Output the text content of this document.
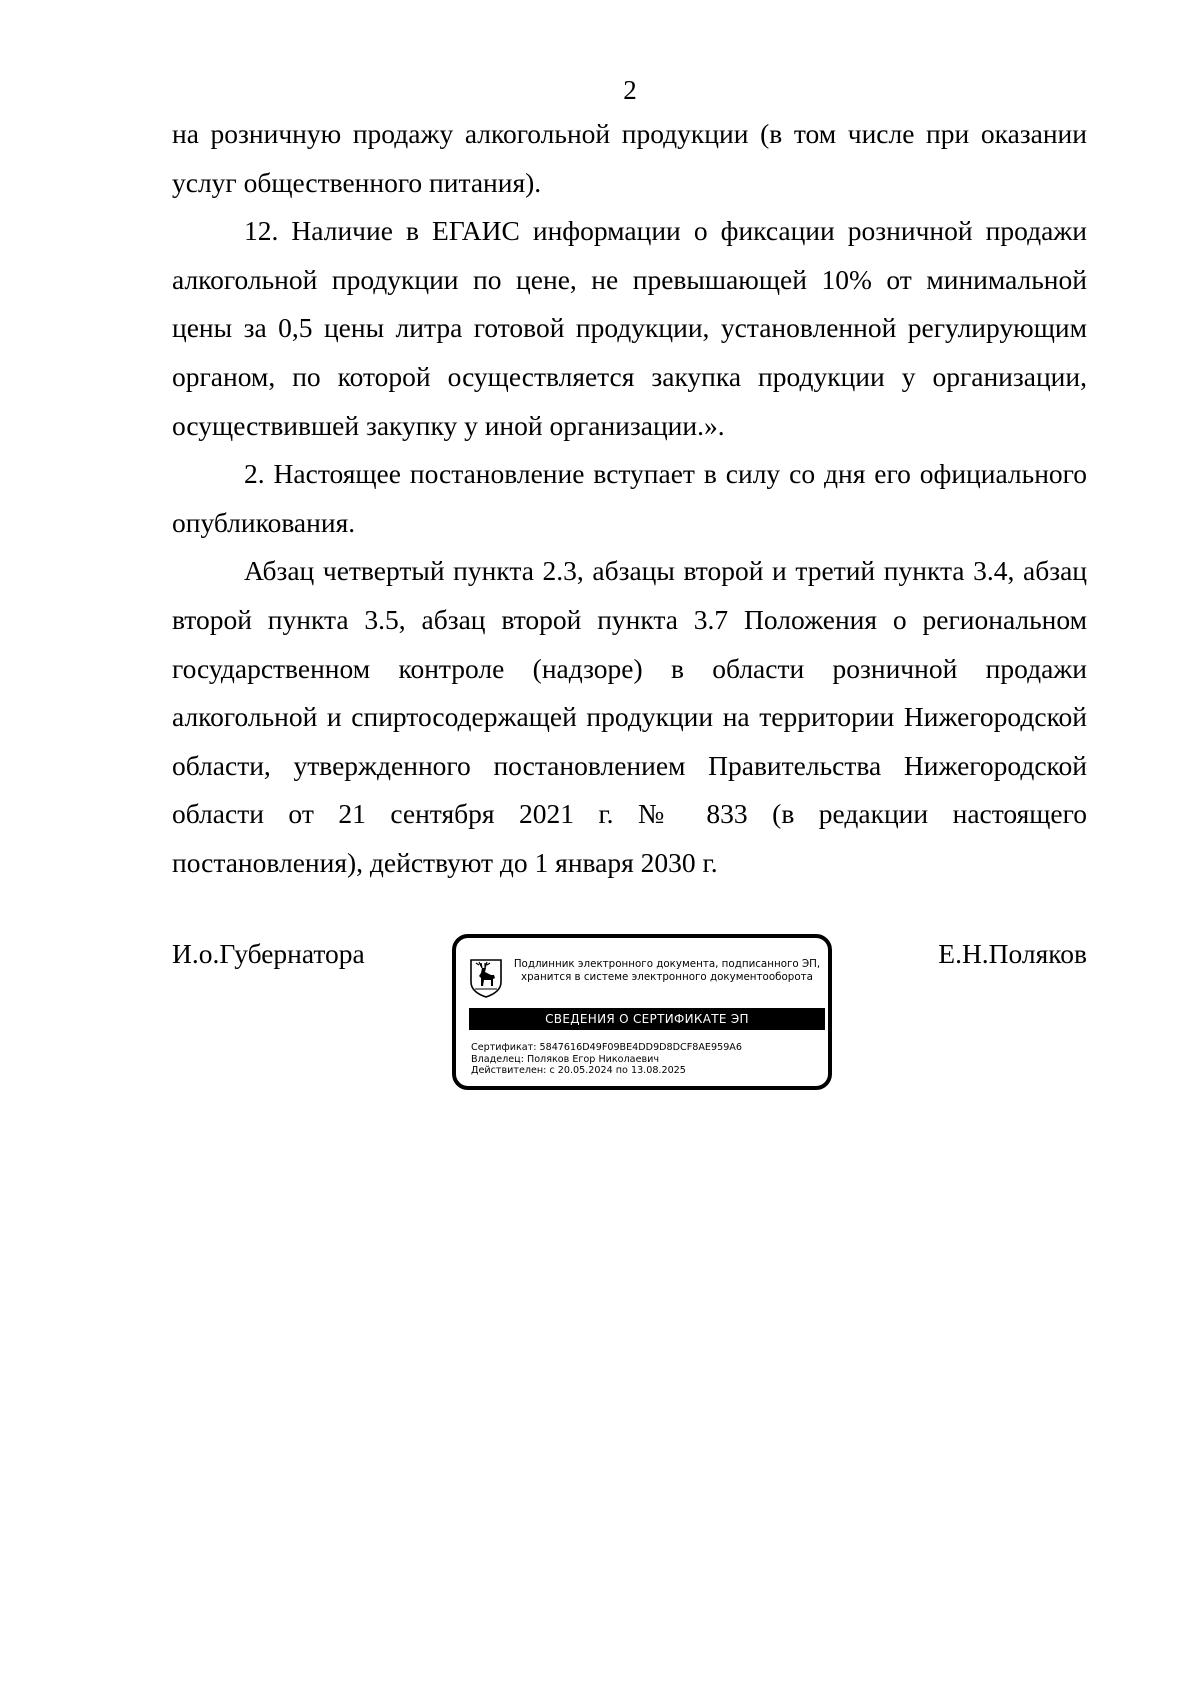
2

на розничную продажу алкогольной продукции (в том числе при оказании услуг общественного питания).

12. Наличие в ЕГАИС информации о фиксации розничной продажи алкогольной продукции по цене, не превышающей 10% от минимальной цены за 0,5 цены литра готовой продукции, установленной регулирующим органом, по которой осуществляется закупка продукции у организации, осуществившей закупку у иной организации.».

2. Настоящее постановление вступает в силу со дня его официального опубликования.

Абзац четвертый пункта 2.3, абзацы второй и третий пункта 3.4, абзац второй пункта 3.5, абзац второй пункта 3.7 Положения о региональном государственном контроле (надзоре) в области розничной продажи алкогольной и спиртосодержащей продукции на территории Нижегородской области, утвержденного постановлением Правительства Нижегородской области от 21 сентября 2021 г. № 833 (в редакции настоящего постановления), действуют до 1 января 2030 г.

И.о.Губернатора	Е.Н.Поляков
Подлинник электронного документа, подписанного ЭП,
хранится в системе электронного документооборота
СВЕДЕНИЯ О СЕРТИФИКАТЕ ЭП
Сертификат: 5847616D49F09BE4DD9D8DCF8AE959A6
Владелец: Поляков Егор Николаевич
Действителен: с 20.05.2024 по 13.08.2025
